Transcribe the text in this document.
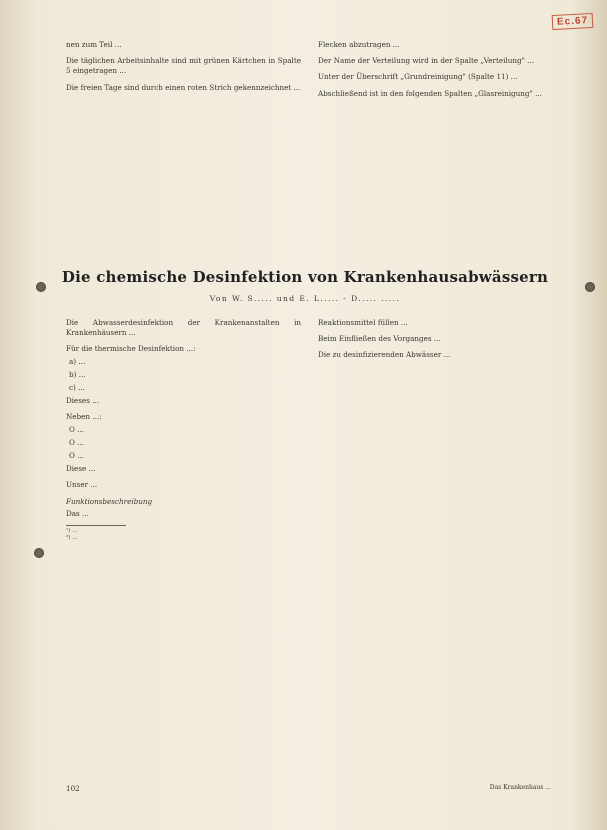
Ec.67

nen zum Teil ...

Die täglichen Arbeitsinhalte sind mit grünen Kärtchen in Spalte 5 eingetragen ...

Die freien Tage sind durch einen roten Strich gekennzeichnet ...

Flecken abzutragen ...

Der Name der Verteilung wird in der Spalte „Verteilung" ...

Unter der Überschrift „Grundreinigung" (Spalte 11) ...

Abschließend ist in den folgenden Spalten „Glasreinigung" ...

Die chemische Desinfektion von Krankenhausabwässern
Von W. S..... und E. L..... - D..... .....

Die Abwasserdesinfektion der Krankenanstalten in Krankenhäusern ...

Für die thermische Desinfektion ...:

a) ...

b) ...

c) ...

Dieses ...

Neben ...:

O ...

O ...

O ...

Diese ...

Unser ...

Funktionsbeschreibung

Das ...

¹) ...
²) ...

Reaktionsmittel füllen ...

Beim Einfließen des Vorganges ...

Die zu desinfizierenden Abwässer ...

102	Das Krankenhaus ...
